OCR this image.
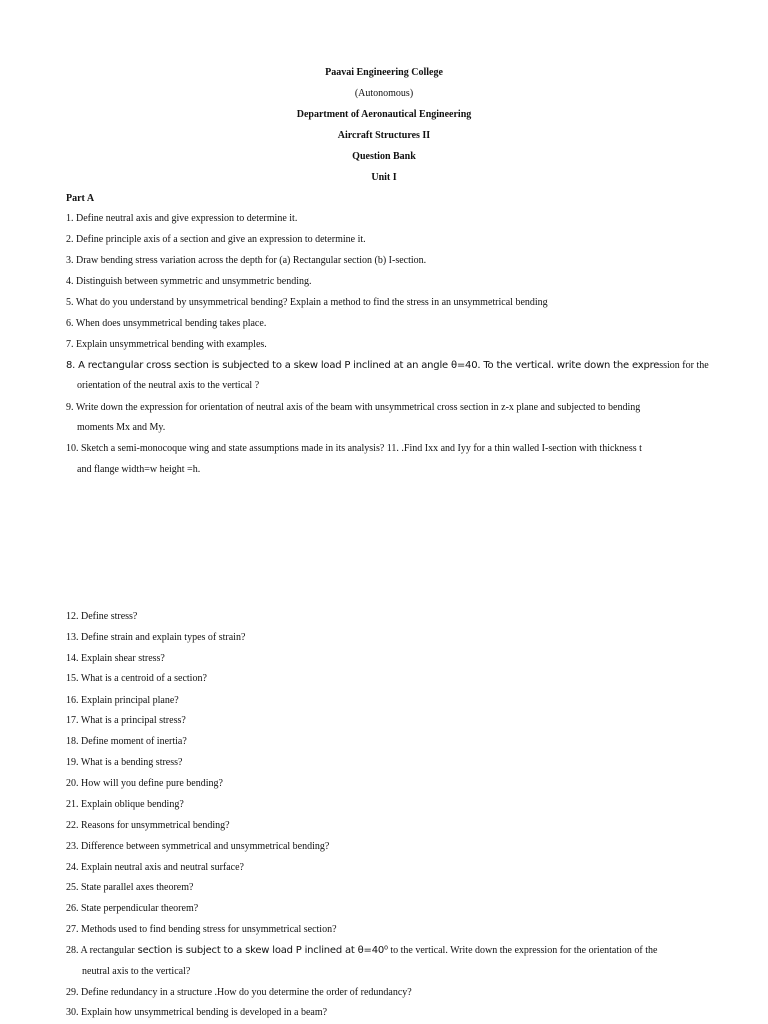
Paavai Engineering College
(Autonomous)
Department of Aeronautical Engineering
Aircraft Structures II
Question Bank
Unit I
Part A
1. Define neutral axis and give expression to determine it.
2. Define principle axis of a section and give an expression to determine it.
3. Draw bending stress variation across the depth for (a) Rectangular section (b) I-section.
4. Distinguish between symmetric and unsymmetric bending.
5. What do you understand by unsymmetrical bending? Explain a method to find the stress in an unsymmetrical bending
6. When does unsymmetrical bending takes place.
7. Explain unsymmetrical bending with examples.
8. A rectangular cross section is subjected to a skew load P inclined at an angle θ=40. To the vertical. write down the expression for the
orientation of the neutral axis to the vertical ?
9. Write down the expression for orientation of neutral axis of the beam with unsymmetrical cross section in z-x plane and subjected to bending
moments Mx and My.
10. Sketch a semi-monocoque wing and state assumptions made in its analysis? 11. .Find Ixx and Iyy for a thin walled I-section with thickness t
and flange width=w height =h.
12. Define stress?
13. Define strain and explain types of strain?
14. Explain shear stress?
15. What is a centroid of a section?
16. Explain principal plane?
17. What is a principal stress?
18. Define moment of inertia?
19. What is a bending stress?
20. How will you define pure bending?
21. Explain oblique bending?
22. Reasons for unsymmetrical bending?
23. Difference between symmetrical and unsymmetrical bending?
24. Explain neutral axis and neutral surface?
25. State parallel axes theorem?
26. State perpendicular theorem?
27. Methods used to find bending stress for unsymmetrical section?
28. A rectangular section is subject to a skew load P inclined at θ=40⁰ to the vertical. Write down the expression for the orientation of the
neutral axis to the vertical?
29. Define redundancy in a structure .How do you determine the order of redundancy?
30. Explain how unsymmetrical bending is developed in a beam?
